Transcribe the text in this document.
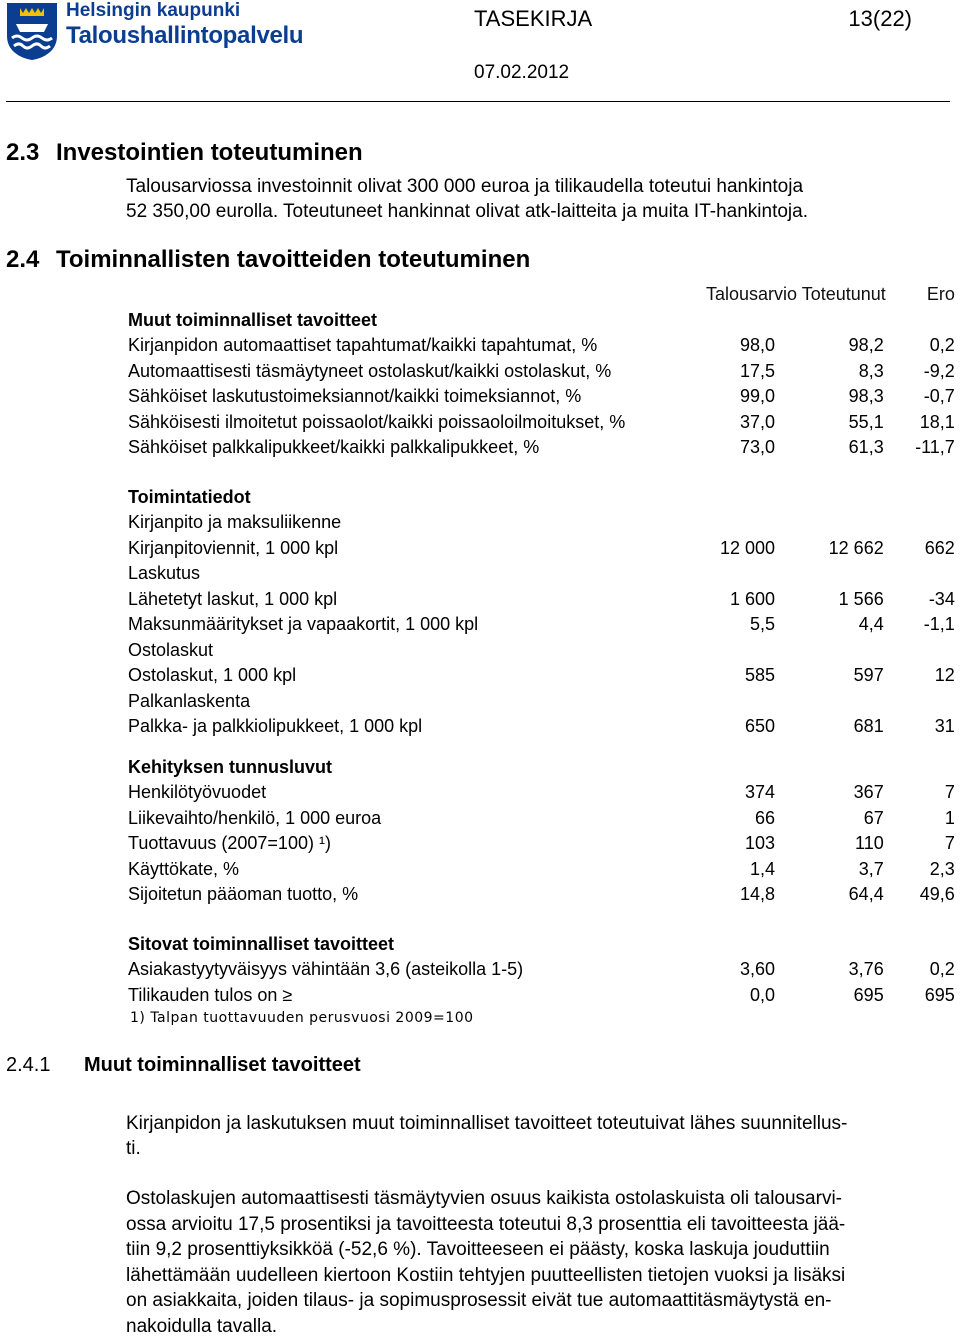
Helsingin kaupunki
Taloushallintopalvelu
TASEKIRJA	13(22)
07.02.2012
2.3 Investointien toteutuminen
Talousarviossa investoinnit olivat 300 000 euroa ja tilikaudella toteutui hankintoja
52 350,00 eurolla. Toteutuneet hankinnat olivat atk-laitteita ja muita IT-hankintoja.
2.4 Toiminnallisten tavoitteiden toteutuminen
	Talousarvio Toteutunut Ero		
Muut toiminnalliset tavoitteet			
Kirjanpidon automaattiset tapahtumat/kaikki tapahtumat, %	98,0	98,2	0,2
Automaattisesti täsmäytyneet ostolaskut/kaikki ostolaskut, %	17,5	8,3	-9,2
Sähköiset laskutustoimeksiannot/kaikki toimeksiannot, %	99,0	98,3	-0,7
Sähköisesti ilmoitetut poissaolot/kaikki poissaoloilmoitukset, %	37,0	55,1	18,1
Sähköiset palkkalipukkeet/kaikki palkkalipukkeet, %	73,0	61,3	-11,7

Toimintatiedot			
Kirjanpito ja maksuliikenne			
Kirjanpitoviennit, 1 000 kpl	12 000	12 662	662
Laskutus			
Lähetetyt laskut, 1 000 kpl	1 600	1 566	-34
Maksunmääritykset ja vapaakortit, 1 000 kpl	5,5	4,4	-1,1
Ostolaskut			
Ostolaskut, 1 000 kpl	585	597	12
Palkanlaskenta			
Palkka- ja palkkiolipukkeet, 1 000 kpl	650	681	31

Kehityksen tunnusluvut			
Henkilötyövuodet	374	367	7
Liikevaihto/henkilö, 1 000 euroa	66	67	1
Tuottavuus (2007=100) ¹)	103	110	7
Käyttökate, %	1,4	3,7	2,3
Sijoitetun pääoman tuotto, %	14,8	64,4	49,6

Sitovat toiminnalliset tavoitteet			
Asiakastyytyväisyys vähintään 3,6 (asteikolla 1-5)	3,60	3,76	0,2
Tilikauden tulos on ≥	0,0	695	695
1) Talpan tuottavuuden perusvuosi 2009=100
2.4.1 Muut toiminnalliset tavoitteet
Kirjanpidon ja laskutuksen muut toiminnalliset tavoitteet toteutuivat lähes suunnitellus-
ti.
Ostolaskujen automaattisesti täsmäytyvien osuus kaikista ostolaskuista oli talousarvi-
ossa arvioitu 17,5 prosentiksi ja tavoitteesta toteutui 8,3 prosenttia eli tavoitteesta jää-
tiin 9,2 prosenttiyksikköä (-52,6 %). Tavoitteeseen ei päästy, koska laskuja jouduttiin
lähettämään uudelleen kiertoon Kostiin tehtyjen puutteellisten tietojen vuoksi ja lisäksi
on asiakkaita, joiden tilaus- ja sopimusprosessit eivät tue automaattitäsmäytystä en-
nakoidulla tavalla.
